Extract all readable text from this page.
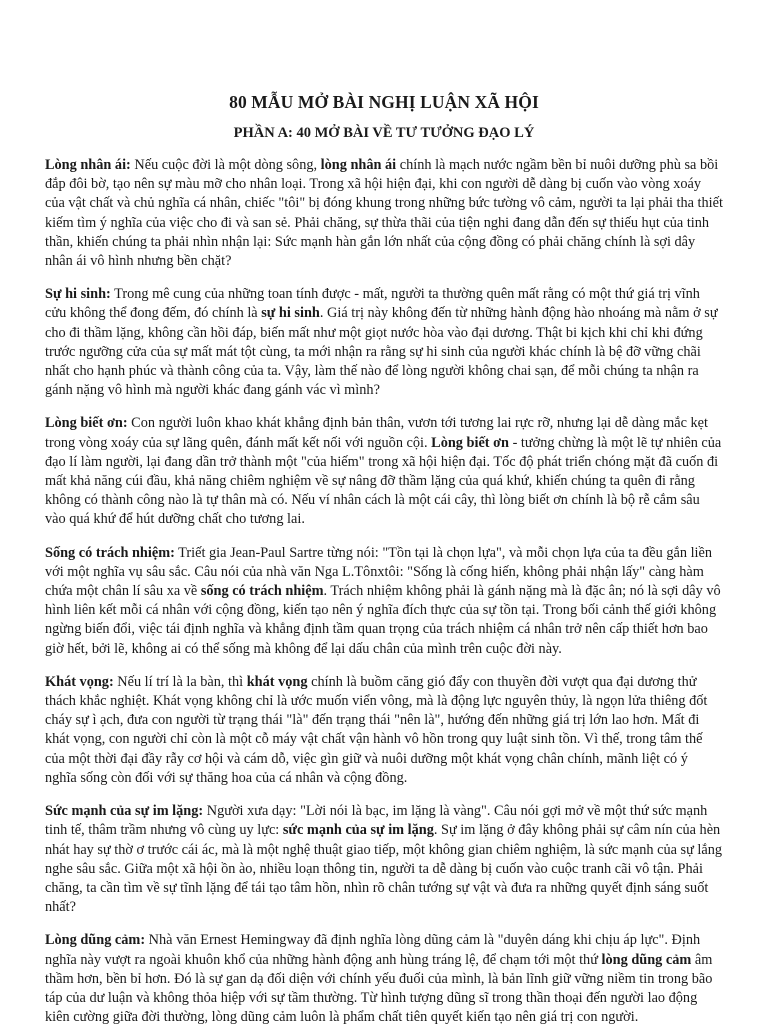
80 MẪU MỞ BÀI NGHỊ LUẬN XÃ HỘI
PHẦN A: 40 MỞ BÀI VỀ TƯ TƯỞNG ĐẠO LÝ

Lòng nhân ái: Nếu cuộc đời là một dòng sông, lòng nhân ái chính là mạch nước ngầm bền bỉ nuôi dưỡng phù sa bồi đắp đôi bờ, tạo nên sự màu mỡ cho nhân loại. Trong xã hội hiện đại, khi con người dễ dàng bị cuốn vào vòng xoáy của vật chất và chủ nghĩa cá nhân, chiếc "tôi" bị đóng khung trong những bức tường vô cảm, người ta lại phải tha thiết kiếm tìm ý nghĩa của việc cho đi và san sẻ. Phải chăng, sự thừa thãi của tiện nghi đang dẫn đến sự thiếu hụt của tinh thần, khiến chúng ta phải nhìn nhận lại: Sức mạnh hàn gắn lớn nhất của cộng đồng có phải chăng chính là sợi dây nhân ái vô hình nhưng bền chặt?

Sự hi sinh: Trong mê cung của những toan tính được - mất, người ta thường quên mất rằng có một thứ giá trị vĩnh cửu không thể đong đếm, đó chính là sự hi sinh. Giá trị này không đến từ những hành động hào nhoáng mà nằm ở sự cho đi thầm lặng, không cần hồi đáp, biến mất như một giọt nước hòa vào đại dương. Thật bi kịch khi chỉ khi đứng trước ngưỡng cửa của sự mất mát tột cùng, ta mới nhận ra rằng sự hi sinh của người khác chính là bệ đỡ vững chãi nhất cho hạnh phúc và thành công của ta. Vậy, làm thế nào để lòng người không chai sạn, để mỗi chúng ta nhận ra gánh nặng vô hình mà người khác đang gánh vác vì mình?

Lòng biết ơn: Con người luôn khao khát khẳng định bản thân, vươn tới tương lai rực rỡ, nhưng lại dễ dàng mắc kẹt trong vòng xoáy của sự lãng quên, đánh mất kết nối với nguồn cội. Lòng biết ơn - tưởng chừng là một lẽ tự nhiên của đạo lí làm người, lại đang dần trở thành một "của hiếm" trong xã hội hiện đại. Tốc độ phát triển chóng mặt đã cuốn đi mất khả năng cúi đầu, khả năng chiêm nghiệm về sự nâng đỡ thầm lặng của quá khứ, khiến chúng ta quên đi rằng không có thành công nào là tự thân mà có. Nếu ví nhân cách là một cái cây, thì lòng biết ơn chính là bộ rễ cắm sâu vào quá khứ để hút dưỡng chất cho tương lai.

Sống có trách nhiệm: Triết gia Jean-Paul Sartre từng nói: "Tồn tại là chọn lựa", và mỗi chọn lựa của ta đều gắn liền với một nghĩa vụ sâu sắc. Câu nói của nhà văn Nga L.Tônxtôi: "Sống là cống hiến, không phải nhận lấy" càng hàm chứa một chân lí sâu xa về sống có trách nhiệm. Trách nhiệm không phải là gánh nặng mà là đặc ân; nó là sợi dây vô hình liên kết mỗi cá nhân với cộng đồng, kiến tạo nên ý nghĩa đích thực của sự tồn tại. Trong bối cảnh thế giới không ngừng biến đổi, việc tái định nghĩa và khẳng định tầm quan trọng của trách nhiệm cá nhân trở nên cấp thiết hơn bao giờ hết, bởi lẽ, không ai có thể sống mà không để lại dấu chân của mình trên cuộc đời này.

Khát vọng: Nếu lí trí là la bàn, thì khát vọng chính là buồm căng gió đẩy con thuyền đời vượt qua đại dương thử thách khắc nghiệt. Khát vọng không chỉ là ước muốn viển vông, mà là động lực nguyên thủy, là ngọn lửa thiêng đốt cháy sự ì ạch, đưa con người từ trạng thái "là" đến trạng thái "nên là", hướng đến những giá trị lớn lao hơn. Mất đi khát vọng, con người chỉ còn là một cỗ máy vật chất vận hành vô hồn trong quy luật sinh tồn. Vì thế, trong tâm thế của một thời đại đầy rẫy cơ hội và cám dỗ, việc gìn giữ và nuôi dưỡng một khát vọng chân chính, mãnh liệt có ý nghĩa sống còn đối với sự thăng hoa của cá nhân và cộng đồng.

Sức mạnh của sự im lặng: Người xưa dạy: "Lời nói là bạc, im lặng là vàng". Câu nói gợi mở về một thứ sức mạnh tinh tế, thâm trầm nhưng vô cùng uy lực: sức mạnh của sự im lặng. Sự im lặng ở đây không phải sự câm nín của hèn nhát hay sự thờ ơ trước cái ác, mà là một nghệ thuật giao tiếp, một không gian chiêm nghiệm, là sức mạnh của sự lắng nghe sâu sắc. Giữa một xã hội ồn ào, nhiều loạn thông tin, người ta dễ dàng bị cuốn vào cuộc tranh cãi vô tận. Phải chăng, ta cần tìm về sự tĩnh lặng để tái tạo tâm hồn, nhìn rõ chân tướng sự vật và đưa ra những quyết định sáng suốt nhất?

Lòng dũng cảm: Nhà văn Ernest Hemingway đã định nghĩa lòng dũng cảm là "duyên dáng khi chịu áp lực". Định nghĩa này vượt ra ngoài khuôn khổ của những hành động anh hùng tráng lệ, để chạm tới một thứ lòng dũng cảm âm thầm hơn, bền bỉ hơn. Đó là sự gan dạ đối diện với chính yếu đuối của mình, là bản lĩnh giữ vững niềm tin trong bão táp của dư luận và không thỏa hiệp với sự tầm thường. Từ hình tượng dũng sĩ trong thần thoại đến người lao động kiên cường giữa đời thường, lòng dũng cảm luôn là phẩm chất tiên quyết kiến tạo nên giá trị con người.
